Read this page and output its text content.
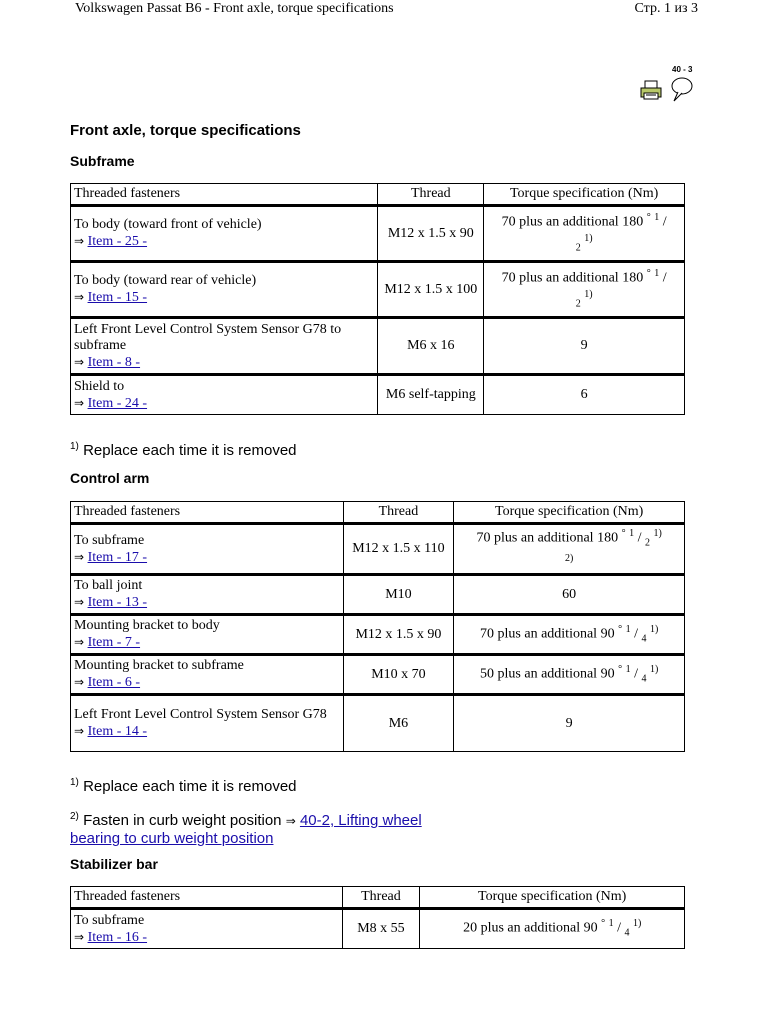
Volkswagen Passat B6 - Front axle, torque specifications	Стр. 1 из 3
40 - 3
Front axle, torque specifications
Subframe
Threaded fasteners	Thread	Torque specification (Nm)
To body (toward front of vehicle)
⇒ Item - 25 -	M12 x 1.5 x 90	70 plus an additional 180 ° $^1$ /
$_2$ $^{1)}$
To body (toward rear of vehicle)
⇒ Item - 15 -	M12 x 1.5 x 100	70 plus an additional 180 ° $^1$ /
$_2$ $^{1)}$
Left Front Level Control System Sensor G78 to subframe
⇒ Item - 8 -	M6 x 16	9
Shield to
⇒ Item - 24 -	M6 self-tapping	6
$^{1)}$ Replace each time it is removed
Control arm
Threaded fasteners	Thread	Torque specification (Nm)
To subframe
⇒ Item - 17 -	M12 x 1.5 x 110	70 plus an additional 180 ° $^1$ / $_2$ $^{1)}$
$^{2)}$
To ball joint
⇒ Item - 13 -	M10	60
Mounting bracket to body
⇒ Item - 7 -	M12 x 1.5 x 90	70 plus an additional 90 ° $^1$ / $_4$ $^{1)}$
Mounting bracket to subframe
⇒ Item - 6 -	M10 x 70	50 plus an additional 90 ° $^1$ / $_4$ $^{1)}$
Left Front Level Control System Sensor G78
⇒ Item - 14 -	M6	9
$^{1)}$ Replace each time it is removed
$^{2)}$ Fasten in curb weight position ⇒ 40-2, Lifting wheel bearing to curb weight position
Stabilizer bar
Threaded fasteners	Thread	Torque specification (Nm)
To subframe
⇒ Item - 16 -	M8 x 55	20 plus an additional 90 ° $^1$ / $_4$ $^{1)}$
